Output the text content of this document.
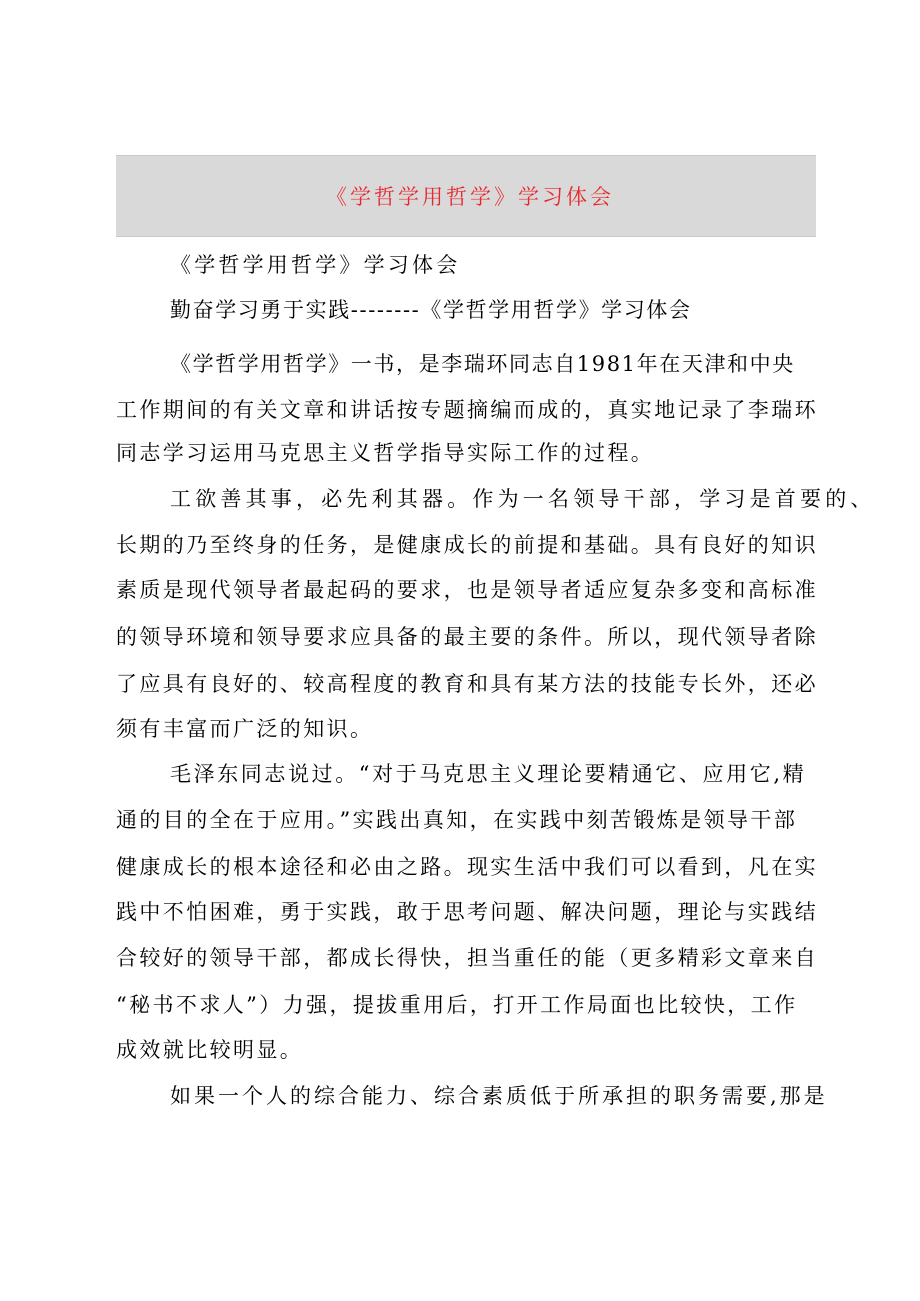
《学哲学用哲学》学习体会
《学哲学用哲学》学习体会
勤奋学习勇于实践--------《学哲学用哲学》学习体会
《学哲学用哲学》一书，是李瑞环同志自1981年在天津和中央
工作期间的有关文章和讲话按专题摘编而成的，真实地记录了李瑞环
同志学习运用马克思主义哲学指导实际工作的过程。
工欲善其事，必先利其器。作为一名领导干部，学习是首要的、
长期的乃至终身的任务，是健康成长的前提和基础。具有良好的知识
素质是现代领导者最起码的要求，也是领导者适应复杂多变和高标准
的领导环境和领导要求应具备的最主要的条件。所以，现代领导者除
了应具有良好的、较高程度的教育和具有某方法的技能专长外，还必
须有丰富而广泛的知识。
毛泽东同志说过。“对于马克思主义理论要精通它、应用它,精
通的目的全在于应用。”实践出真知，在实践中刻苦锻炼是领导干部
健康成长的根本途径和必由之路。现实生活中我们可以看到，凡在实
践中不怕困难，勇于实践，敢于思考问题、解决问题，理论与实践结
合较好的领导干部，都成长得快，担当重任的能（更多精彩文章来自
“秘书不求人”）力强，提拔重用后，打开工作局面也比较快，工作
成效就比较明显。
如果一个人的综合能力、综合素质低于所承担的职务需要,那是
